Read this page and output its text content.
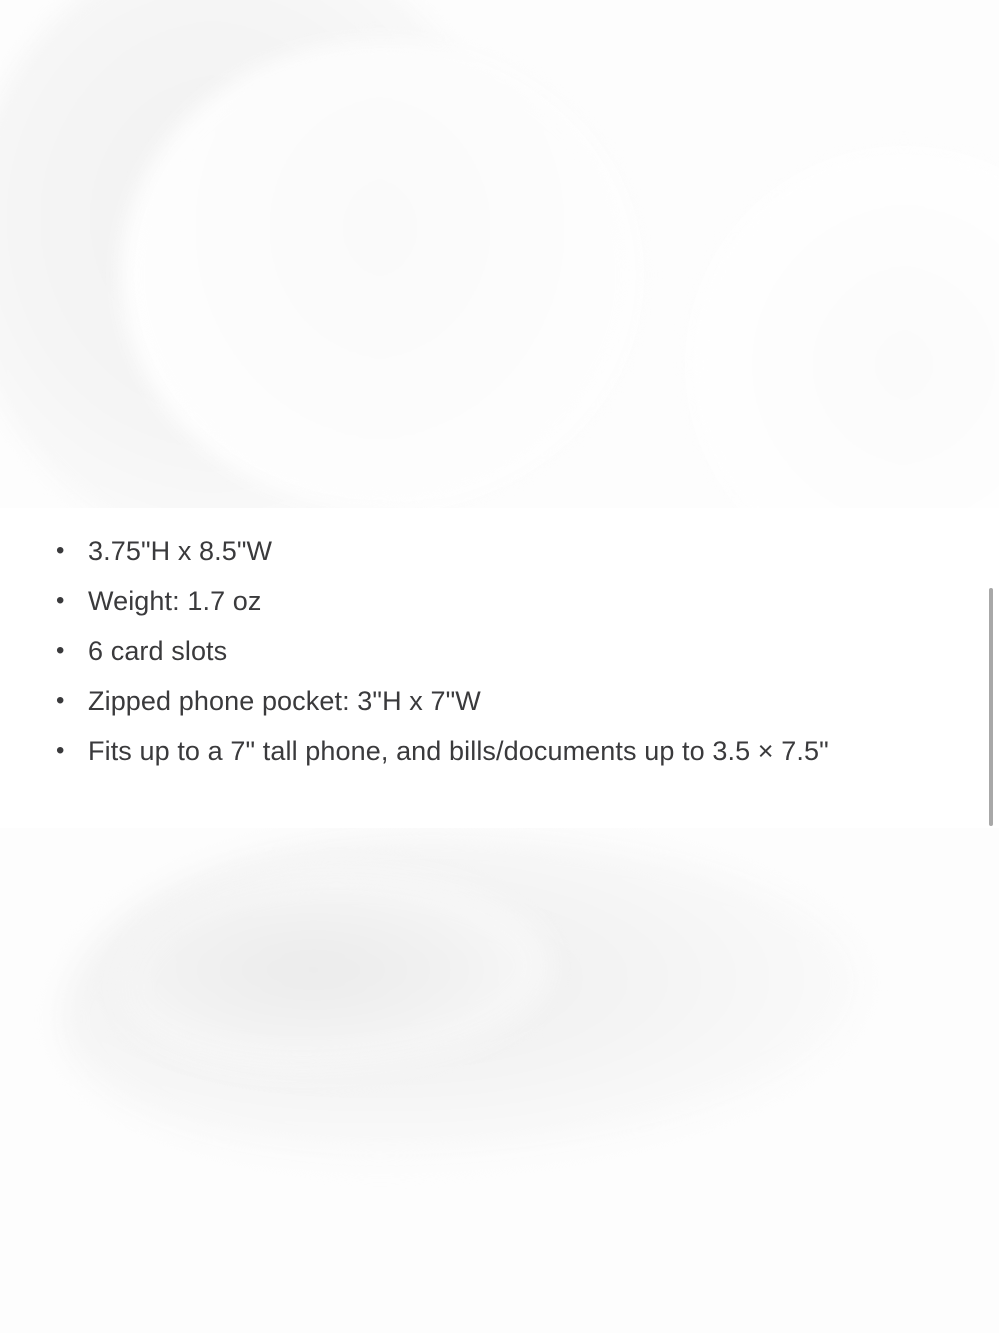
• 3.75"H x 8.5"W
• Weight: 1.7 oz
• 6 card slots
• Zipped phone pocket: 3"H x 7"W
• Fits up to a 7" tall phone, and bills/documents up to 3.5 × 7.5"
